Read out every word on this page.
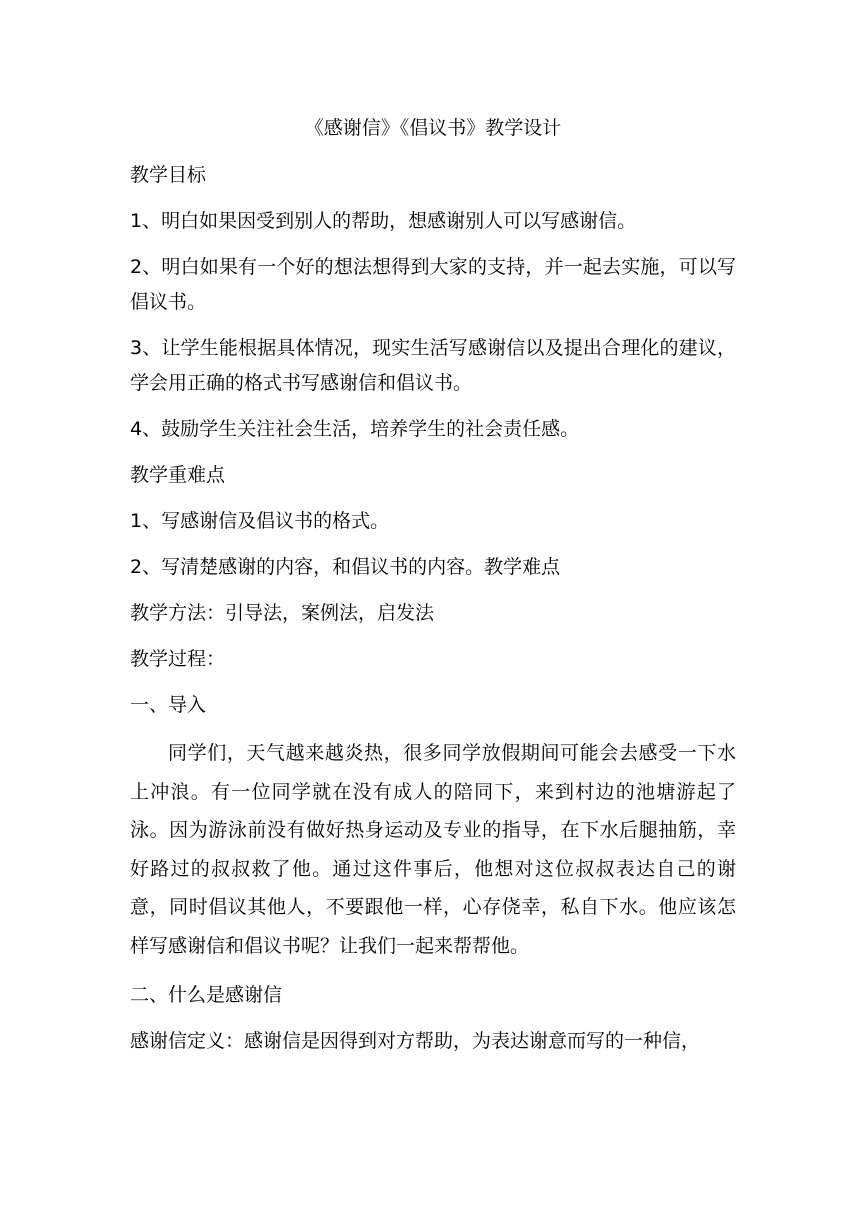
《感谢信》《倡议书》教学设计

教学目标

1、明白如果因受到别人的帮助，想感谢别人可以写感谢信。

2、明白如果有一个好的想法想得到大家的支持，并一起去实施，可以写倡议书。

3、让学生能根据具体情况，现实生活写感谢信以及提出合理化的建议，学会用正确的格式书写感谢信和倡议书。

4、鼓励学生关注社会生活，培养学生的社会责任感。

教学重难点

1、写感谢信及倡议书的格式。

2、写清楚感谢的内容，和倡议书的内容。教学难点

教学方法：引导法，案例法，启发法

教学过程：

一、导入

同学们，天气越来越炎热，很多同学放假期间可能会去感受一下水上冲浪。有一位同学就在没有成人的陪同下，来到村边的池塘游起了泳。因为游泳前没有做好热身运动及专业的指导，在下水后腿抽筋，幸好路过的叔叔救了他。通过这件事后，他想对这位叔叔表达自己的谢意，同时倡议其他人，不要跟他一样，心存侥幸，私自下水。他应该怎样写感谢信和倡议书呢？让我们一起来帮帮他。

二、什么是感谢信

感谢信定义：感谢信是因得到对方帮助，为表达谢意而写的一种信，
